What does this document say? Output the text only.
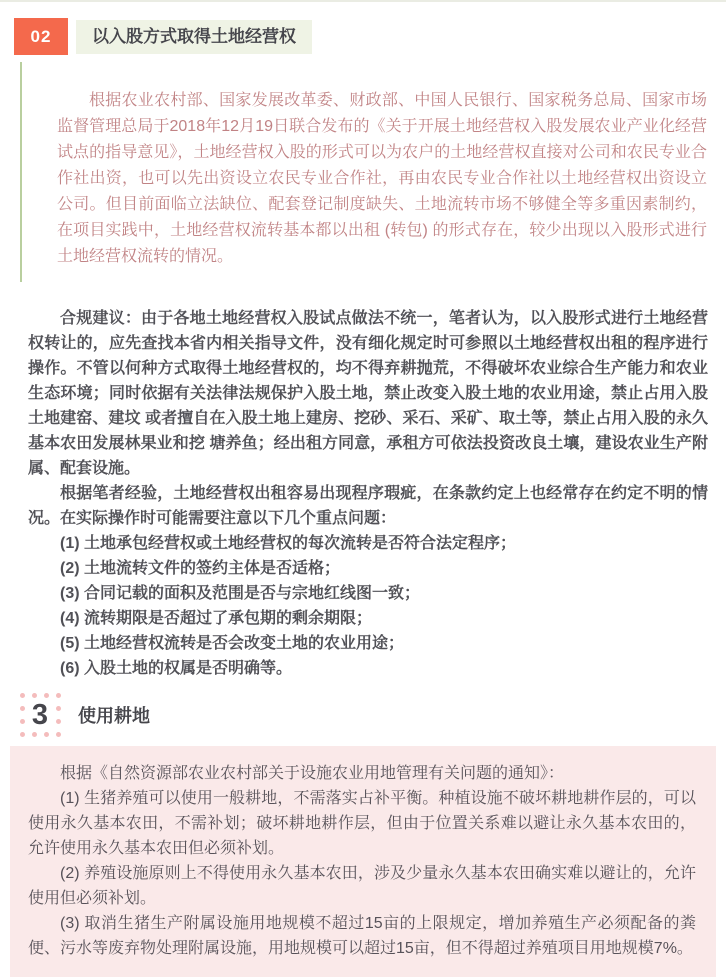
02	以入股方式取得土地经营权

根据农业农村部、国家发展改革委、财政部、中国人民银行、国家税务总局、国家市场监督管理总局于2018年12月19日联合发布的《关于开展土地经营权入股发展农业产业化经营试点的指导意见》，土地经营权入股的形式可以为农户的土地经营权直接对公司和农民专业合作社出资，也可以先出资设立农民专业合作社，再由农民专业合作社以土地经营权出资设立公司。但目前面临立法缺位、配套登记制度缺失、土地流转市场不够健全等多重因素制约，在项目实践中，土地经营权流转基本都以出租 (转包) 的形式存在，较少出现以入股形式进行土地经营权流转的情况。

合规建议：由于各地土地经营权入股试点做法不统一，笔者认为，以入股形式进行土地经营权转让的，应先查找本省内相关指导文件，没有细化规定时可参照以土地经营权出租的程序进行操作。不管以何种方式取得土地经营权的，均不得弃耕抛荒，不得破坏农业综合生产能力和农业生态环境；同时依据有关法律法规保护入股土地，禁止改变入股土地的农业用途，禁止占用入股土地建窑、建坟 或者擅自在入股土地上建房、挖砂、采石、采矿、取土等，禁止占用入股的永久基本农田发展林果业和挖 塘养鱼；经出租方同意，承租方可依法投资改良土壤，建设农业生产附属、配套设施。

根据笔者经验，土地经营权出租容易出现程序瑕疵，在条款约定上也经常存在约定不明的情况。在实际操作时可能需要注意以下几个重点问题：

(1) 土地承包经营权或土地经营权的每次流转是否符合法定程序；

(2) 土地流转文件的签约主体是否适格；

(3) 合同记载的面积及范围是否与宗地红线图一致；

(4) 流转期限是否超过了承包期的剩余期限；

(5) 土地经营权流转是否会改变土地的农业用途；

(6) 入股土地的权属是否明确等。

3 使用耕地

根据《自然资源部农业农村部关于设施农业用地管理有关问题的通知》：

(1) 生猪养殖可以使用一般耕地，不需落实占补平衡。种植设施不破坏耕地耕作层的，可以使用永久基本农田，不需补划；破坏耕地耕作层，但由于位置关系难以避让永久基本农田的，允许使用永久基本农田但必须补划。

(2) 养殖设施原则上不得使用永久基本农田，涉及少量永久基本农田确实难以避让的，允许使用但必须补划。

(3) 取消生猪生产附属设施用地规模不超过15亩的上限规定，增加养殖生产必须配备的粪便、污水等废弃物处理附属设施，用地规模可以超过15亩，但不得超过养殖项目用地规模7%。
